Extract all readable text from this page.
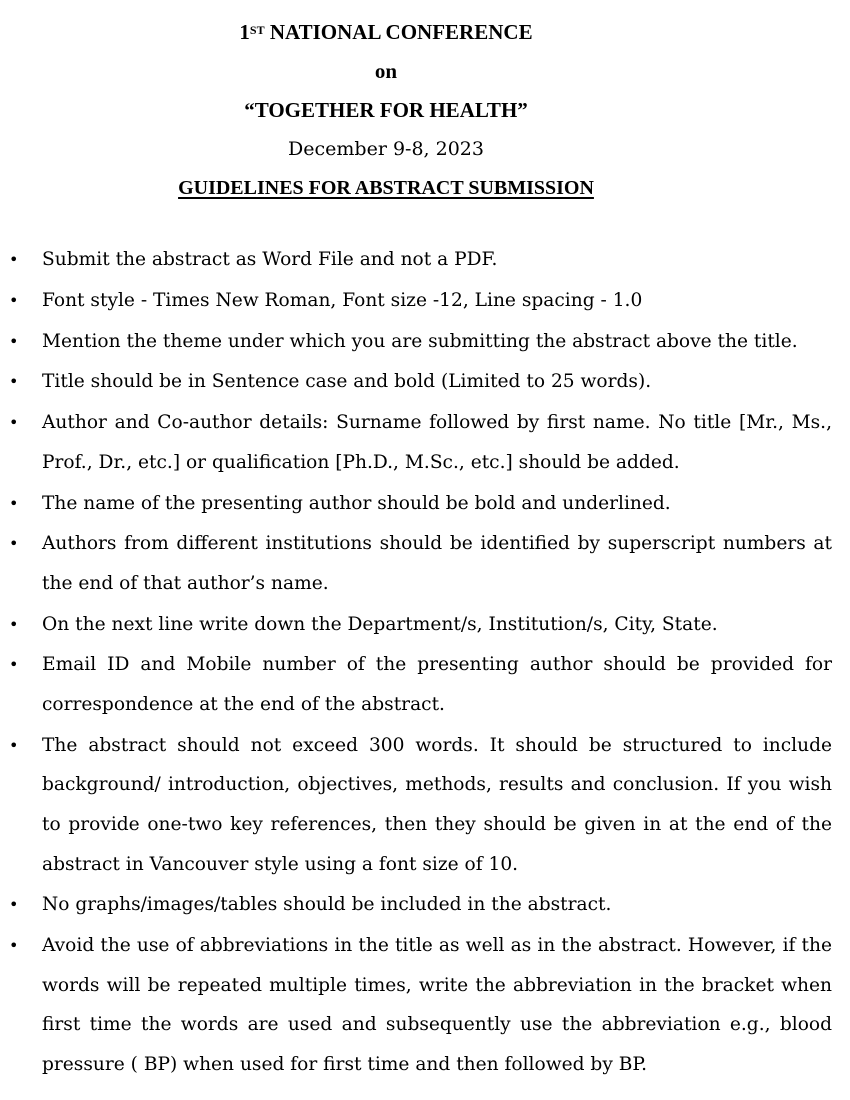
1ST NATIONAL CONFERENCE
on
“TOGETHER FOR HEALTH”
December 9-8, 2023
GUIDELINES FOR ABSTRACT SUBMISSION
• Submit the abstract as Word File and not a PDF.
• Font style - Times New Roman, Font size -12, Line spacing - 1.0
• Mention the theme under which you are submitting the abstract above the title.
• Title should be in Sentence case and bold (Limited to 25 words).
• Author and Co-author details: Surname followed by first name. No title [Mr., Ms., Prof., Dr., etc.] or qualification [Ph.D., M.Sc., etc.] should be added.
• The name of the presenting author should be bold and underlined.
• Authors from different institutions should be identified by superscript numbers at the end of that author’s name.
• On the next line write down the Department/s, Institution/s, City, State.
• Email ID and Mobile number of the presenting author should be provided for correspondence at the end of the abstract.
• The abstract should not exceed 300 words. It should be structured to include background/ introduction, objectives, methods, results and conclusion. If you wish to provide one-two key references, then they should be given in at the end of the abstract in Vancouver style using a font size of 10.
• No graphs/images/tables should be included in the abstract.
• Avoid the use of abbreviations in the title as well as in the abstract. However, if the words will be repeated multiple times, write the abbreviation in the bracket when first time the words are used and subsequently use the abbreviation e.g., blood pressure ( BP) when used for first time and then followed by BP.
